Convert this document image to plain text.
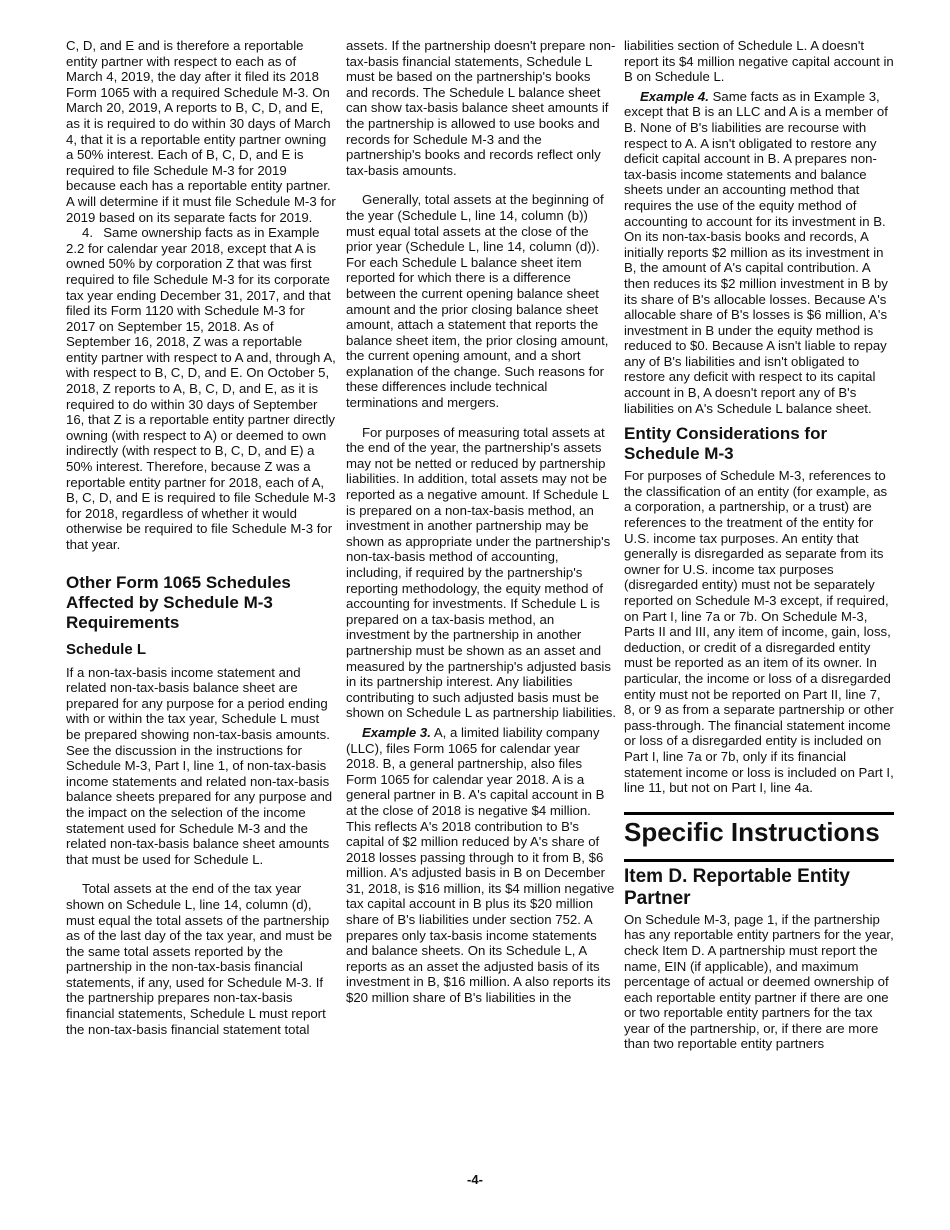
C, D, and E and is therefore a reportable entity partner with respect to each as of March 4, 2019, the day after it filed its 2018 Form 1065 with a required Schedule M-3. On March 20, 2019, A reports to B, C, D, and E, as it is required to do within 30 days of March 4, that it is a reportable entity partner owning a 50% interest. Each of B, C, D, and E is required to file Schedule M-3 for 2019 because each has a reportable entity partner. A will determine if it must file Schedule M-3 for 2019 based on its separate facts for 2019.

4.  Same ownership facts as in Example 2.2 for calendar year 2018, except that A is owned 50% by corporation Z that was first required to file Schedule M-3 for its corporate tax year ending December 31, 2017, and that filed its Form 1120 with Schedule M-3 for 2017 on September 15, 2018. As of September 16, 2018, Z was a reportable entity partner with respect to A and, through A, with respect to B, C, D, and E. On October 5, 2018, Z reports to A, B, C, D, and E, as it is required to do within 30 days of September 16, that Z is a reportable entity partner directly owning (with respect to A) or deemed to own indirectly (with respect to B, C, D, and E) a 50% interest. Therefore, because Z was a reportable entity partner for 2018, each of A, B, C, D, and E is required to file Schedule M-3 for 2018, regardless of whether it would otherwise be required to file Schedule M-3 for that year.

Other Form 1065 Schedules Affected by Schedule M-3 Requirements
Schedule L

If a non-tax-basis income statement and related non-tax-basis balance sheet are prepared for any purpose for a period ending with or within the tax year, Schedule L must be prepared showing non-tax-basis amounts. See the discussion in the instructions for Schedule M-3, Part I, line 1, of non-tax-basis income statements and related non-tax-basis balance sheets prepared for any purpose and the impact on the selection of the income statement used for Schedule M-3 and the related non-tax-basis balance sheet amounts that must be used for Schedule L.

Total assets at the end of the tax year shown on Schedule L, line 14, column (d), must equal the total assets of the partnership as of the last day of the tax year, and must be the same total assets reported by the partnership in the non-tax-basis financial statements, if any, used for Schedule M-3. If the partnership prepares non-tax-basis financial statements, Schedule L must report the non-tax-basis financial statement total

assets. If the partnership doesn't prepare non-tax-basis financial statements, Schedule L must be based on the partnership's books and records. The Schedule L balance sheet can show tax-basis balance sheet amounts if the partnership is allowed to use books and records for Schedule M-3 and the partnership's books and records reflect only tax-basis amounts.

Generally, total assets at the beginning of the year (Schedule L, line 14, column (b)) must equal total assets at the close of the prior year (Schedule L, line 14, column (d)). For each Schedule L balance sheet item reported for which there is a difference between the current opening balance sheet amount and the prior closing balance sheet amount, attach a statement that reports the balance sheet item, the prior closing amount, the current opening amount, and a short explanation of the change. Such reasons for these differences include technical terminations and mergers.

For purposes of measuring total assets at the end of the year, the partnership's assets may not be netted or reduced by partnership liabilities. In addition, total assets may not be reported as a negative amount. If Schedule L is prepared on a non-tax-basis method, an investment in another partnership may be shown as appropriate under the partnership's non-tax-basis method of accounting, including, if required by the partnership's reporting methodology, the equity method of accounting for investments. If Schedule L is prepared on a tax-basis method, an investment by the partnership in another partnership must be shown as an asset and measured by the partnership's adjusted basis in its partnership interest. Any liabilities contributing to such adjusted basis must be shown on Schedule L as partnership liabilities.

Example 3. A, a limited liability company (LLC), files Form 1065 for calendar year 2018. B, a general partnership, also files Form 1065 for calendar year 2018. A is a general partner in B. A's capital account in B at the close of 2018 is negative $4 million. This reflects A's 2018 contribution to B's capital of $2 million reduced by A's share of 2018 losses passing through to it from B, $6 million. A's adjusted basis in B on December 31, 2018, is $16 million, its $4 million negative tax capital account in B plus its $20 million share of B's liabilities under section 752. A prepares only tax-basis income statements and balance sheets. On its Schedule L, A reports as an asset the adjusted basis of its investment in B, $16 million. A also reports its $20 million share of B's liabilities in the

liabilities section of Schedule L. A doesn't report its $4 million negative capital account in B on Schedule L.

Example 4. Same facts as in Example 3, except that B is an LLC and A is a member of B. None of B's liabilities are recourse with respect to A. A isn't obligated to restore any deficit capital account in B. A prepares non-tax-basis income statements and balance sheets under an accounting method that requires the use of the equity method of accounting to account for its investment in B. On its non-tax-basis books and records, A initially reports $2 million as its investment in B, the amount of A's capital contribution. A then reduces its $2 million investment in B by its share of B's allocable losses. Because A's allocable share of B's losses is $6 million, A's investment in B under the equity method is reduced to $0. Because A isn't liable to repay any of B's liabilities and isn't obligated to restore any deficit with respect to its capital account in B, A doesn't report any of B's liabilities on A's Schedule L balance sheet.

Entity Considerations for Schedule M-3

For purposes of Schedule M-3, references to the classification of an entity (for example, as a corporation, a partnership, or a trust) are references to the treatment of the entity for U.S. income tax purposes. An entity that generally is disregarded as separate from its owner for U.S. income tax purposes (disregarded entity) must not be separately reported on Schedule M-3 except, if required, on Part I, line 7a or 7b. On Schedule M-3, Parts II and III, any item of income, gain, loss, deduction, or credit of a disregarded entity must be reported as an item of its owner. In particular, the income or loss of a disregarded entity must not be reported on Part II, line 7, 8, or 9 as from a separate partnership or other pass-through. The financial statement income or loss of a disregarded entity is included on Part I, line 7a or 7b, only if its financial statement income or loss is included on Part I, line 11, but not on Part I, line 4a.

Specific Instructions
Item D. Reportable Entity Partner

On Schedule M-3, page 1, if the partnership has any reportable entity partners for the year, check Item D. A partnership must report the name, EIN (if applicable), and maximum percentage of actual or deemed ownership of each reportable entity partner if there are one or two reportable entity partners for the tax year of the partnership, or, if there are more than two reportable entity partners

-4-
